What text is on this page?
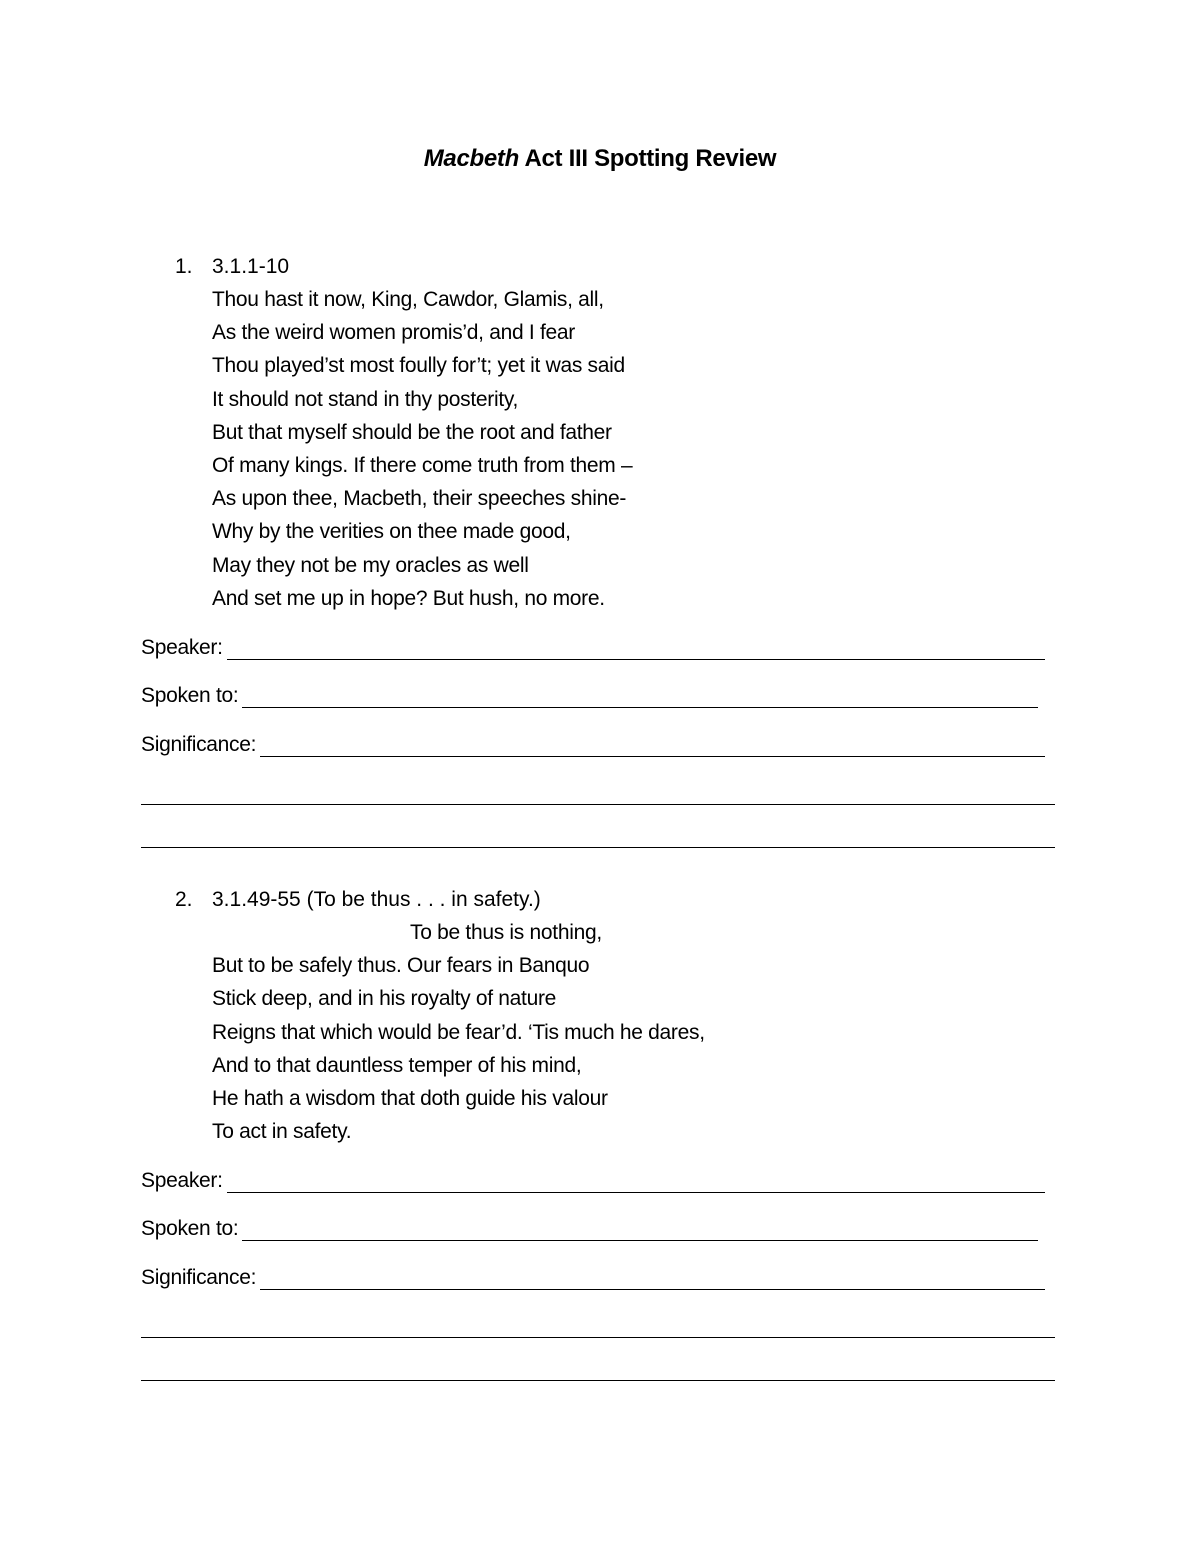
Macbeth Act III Spotting Review
1. 3.1.1-10
Thou hast it now, King, Cawdor, Glamis, all,
As the weird women promis’d, and I fear
Thou played’st most foully for’t; yet it was said
It should not stand in thy posterity,
But that myself should be the root and father
Of many kings. If there come truth from them –
As upon thee, Macbeth, their speeches shine-
Why by the verities on thee made good,
May they not be my oracles as well
And set me up in hope? But hush, no more.
Speaker:
Spoken to:
Significance:
2. 3.1.49-55 (To be thus . . . in safety.)
To be thus is nothing,
But to be safely thus. Our fears in Banquo
Stick deep, and in his royalty of nature
Reigns that which would be fear’d. ‘Tis much he dares,
And to that dauntless temper of his mind,
He hath a wisdom that doth guide his valour
To act in safety.
Speaker:
Spoken to:
Significance:
